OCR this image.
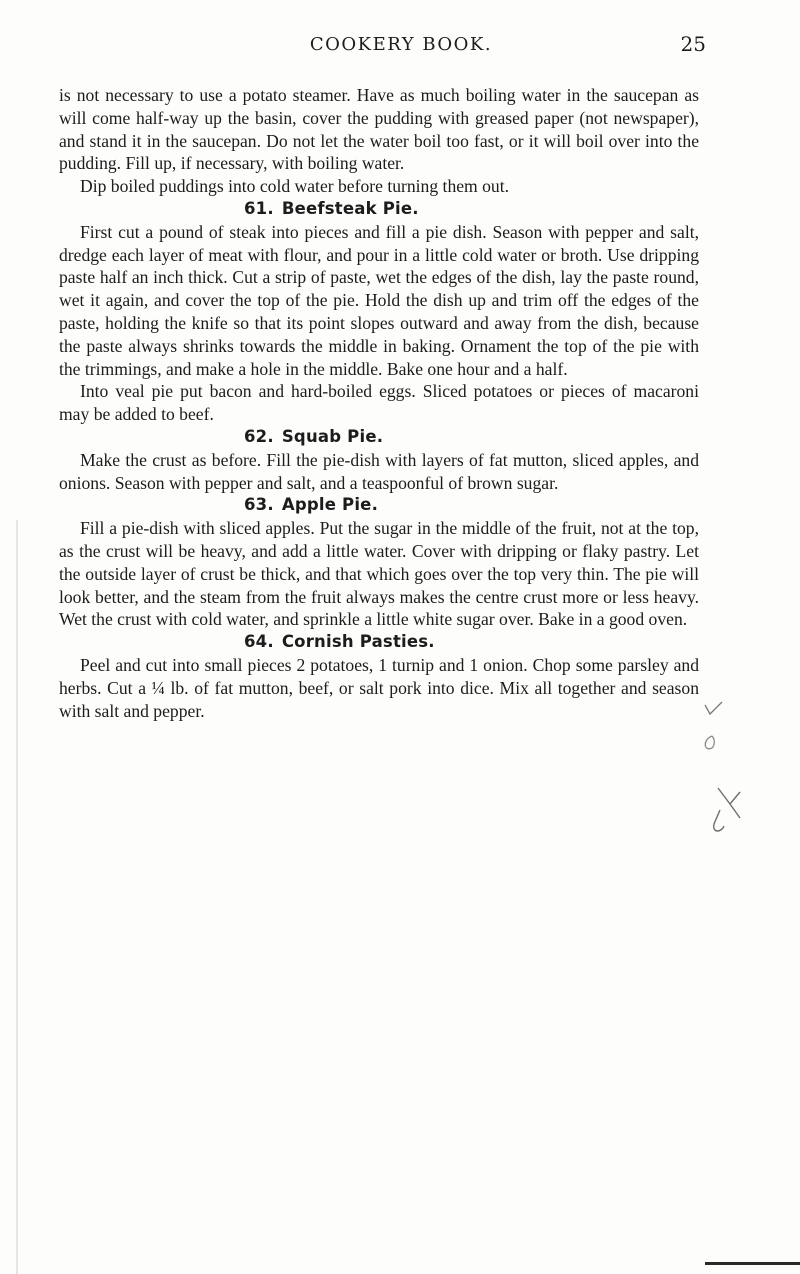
COOKERY BOOK.	25

is not necessary to use a potato steamer. Have as much boiling water in the saucepan as will come half-way up the basin, cover the pudding with greased paper (not newspaper), and stand it in the saucepan. Do not let the water boil too fast, or it will boil over into the pudding. Fill up, if necessary, with boiling water.

Dip boiled puddings into cold water before turning them out.

61. Beefsteak Pie.

First cut a pound of steak into pieces and fill a pie dish. Season with pepper and salt, dredge each layer of meat with flour, and pour in a little cold water or broth. Use dripping paste half an inch thick. Cut a strip of paste, wet the edges of the dish, lay the paste round, wet it again, and cover the top of the pie. Hold the dish up and trim off the edges of the paste, holding the knife so that its point slopes outward and away from the dish, because the paste always shrinks towards the middle in baking. Ornament the top of the pie with the trimmings, and make a hole in the middle. Bake one hour and a half.

Into veal pie put bacon and hard-boiled eggs. Sliced potatoes or pieces of macaroni may be added to beef.

62. Squab Pie.

Make the crust as before. Fill the pie-dish with layers of fat mutton, sliced apples, and onions. Season with pepper and salt, and a teaspoonful of brown sugar.

63. Apple Pie.

Fill a pie-dish with sliced apples. Put the sugar in the middle of the fruit, not at the top, as the crust will be heavy, and add a little water. Cover with dripping or flaky pastry. Let the outside layer of crust be thick, and that which goes over the top very thin. The pie will look better, and the steam from the fruit always makes the centre crust more or less heavy. Wet the crust with cold water, and sprinkle a little white sugar over. Bake in a good oven.

64. Cornish Pasties.

Peel and cut into small pieces 2 potatoes, 1 turnip and 1 onion. Chop some parsley and herbs. Cut a ¼ lb. of fat mutton, beef, or salt pork into dice. Mix all together and season with salt and pepper.
